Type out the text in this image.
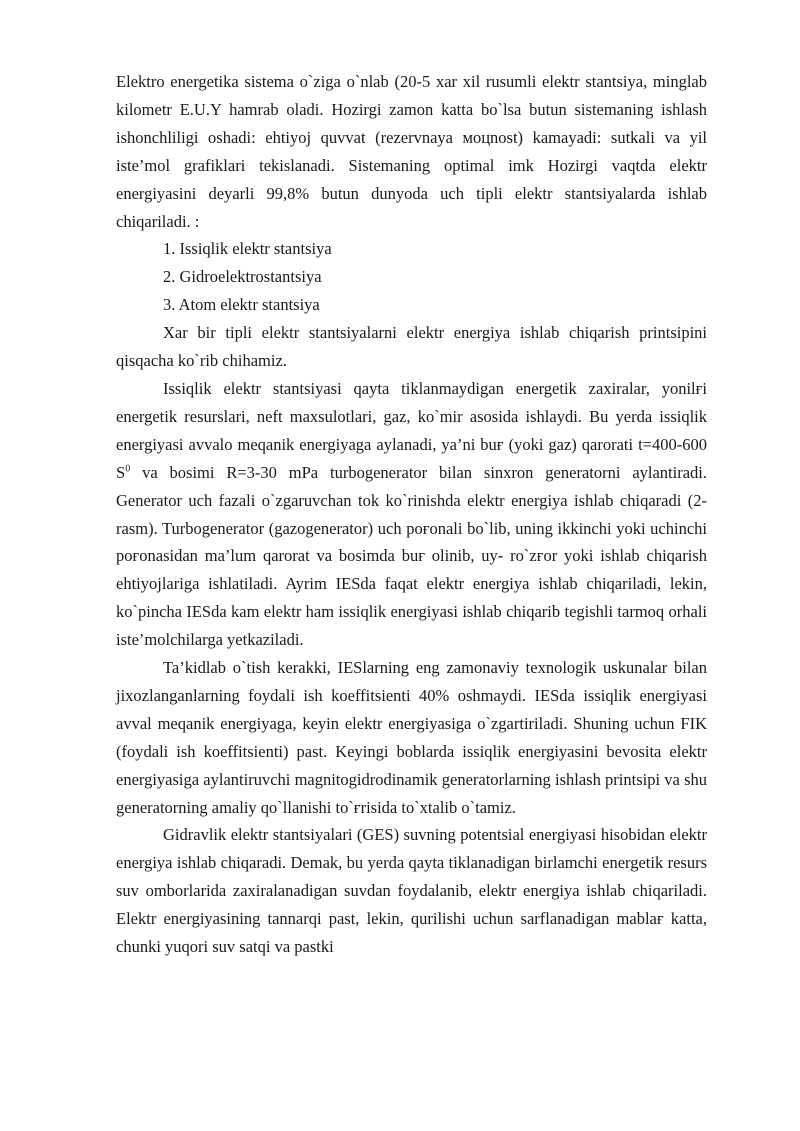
Elektro energetika sistema o`ziga o`nlab (20-5 xar xil rusumli elektr stantsiya, minglab kilometr E.U.Y hamrab oladi. Hozirgi zamon katta bo`lsa butun sistemaning ishlash ishonchliligi oshadi: ehtiyoj quvvat (rezervnaya моцnost) kamayadi: sutkali va yil iste’mol grafiklari tekislanadi. Sistemaning optimal imk Hozirgi vaqtda elektr energiyasini deyarli 99,8% butun dunyoda uch tipli elektr stantsiyalarda ishlab chiqariladi. :

1. Issiqlik elektr stantsiya
2. Gidroelektrostantsiya
3. Atom elektr stantsiya

Xar bir tipli elektr stantsiyalarni elektr energiya ishlab chiqarish printsipini qisqacha ko`rib chihamiz.

Issiqlik elektr stantsiyasi qayta tiklanmaydigan energetik zaxiralar, yonilғi energetik resurslari, neft maxsulotlari, gaz, ko`mir asosida ishlaydi. Bu yerda issiqlik energiyasi avvalo meqanik energiyaga aylanadi, ya’ni buғ (yoki gaz) qarorati t=400-600 $S^0$ va bosimi R=3-30 mPa turbogenerator bilan sinxron generatorni aylantiradi. Generator uch fazali o`zgaruvchan tok ko`rinishda elektr energiya ishlab chiqaradi (2-rasm). Turbogenerator (gazogenerator) uch poғonali bo`lib, uning ikkinchi yoki uchinchi poғonasidan ma’lum qarorat va bosimda buғ olinib, uy- ro`zғor yoki ishlab chiqarish ehtiyojlariga ishlatiladi. Ayrim IESda faqat elektr energiya ishlab chiqariladi, lekin, ko`pincha IESda kam elektr ham issiqlik energiyasi ishlab chiqarib tegishli tarmoq orhali iste’molchilarga yetkaziladi.

Ta’kidlab o`tish kerakki, IESlarning eng zamonaviy texnologik uskunalar bilan jixozlanganlarning foydali ish koeffitsienti 40% oshmaydi. IESda issiqlik energiyasi avval meqanik energiyaga, keyin elektr energiyasiga o`zgartiriladi. Shuning uchun FIK (foydali ish koeffitsienti) past. Keyingi boblarda issiqlik energiyasini bevosita elektr energiyasiga aylantiruvchi magnitogidrodinamik generatorlarning ishlash printsipi va shu generatorning amaliy qo`llanishi to`ғrisida to`xtalib o`tamiz.

Gidravlik elektr stantsiyalari (GES) suvning potentsial energiyasi hisobidan elektr energiya ishlab chiqaradi. Demak, bu yerda qayta tiklanadigan birlamchi energetik resurs suv omborlarida zaxiralanadigan suvdan foydalanib, elektr energiya ishlab chiqariladi. Elektr energiyasining tannarqi past, lekin, qurilishi uchun sarflanadigan mablaғ katta, chunki yuqori suv satqi va pastki
